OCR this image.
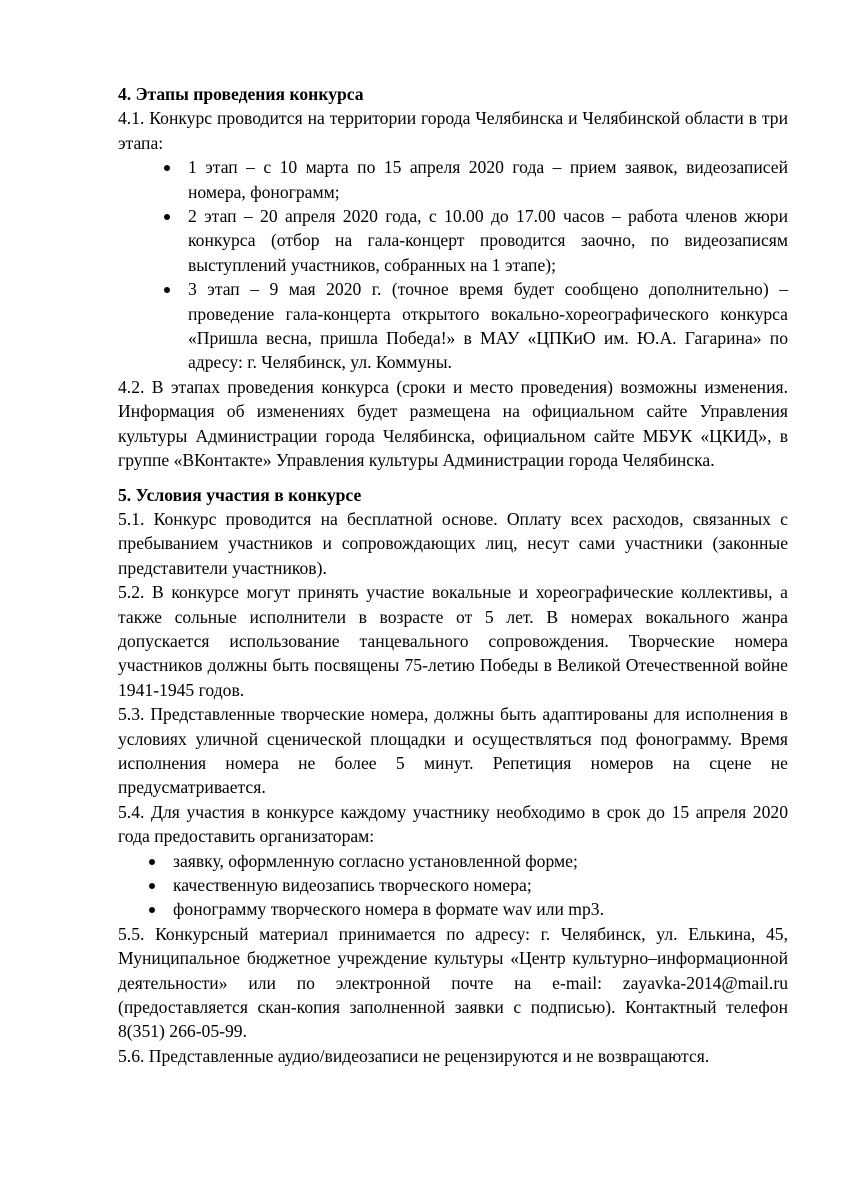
4. Этапы проведения конкурса
4.1. Конкурс проводится на территории города Челябинска и Челябинской области в три этапа:
1 этап – с 10 марта по 15 апреля 2020 года – прием заявок, видеозаписей номера, фонограмм;
2 этап – 20 апреля 2020 года, с 10.00 до 17.00 часов – работа членов жюри конкурса (отбор на гала-концерт проводится заочно, по видеозаписям выступлений участников, собранных на 1 этапе);
3 этап – 9 мая 2020 г. (точное время будет сообщено дополнительно) – проведение гала-концерта открытого вокально-хореографического конкурса «Пришла весна, пришла Победа!» в МАУ «ЦПКиО им. Ю.А. Гагарина» по адресу: г. Челябинск, ул. Коммуны.
4.2. В этапах проведения конкурса (сроки и место проведения) возможны изменения. Информация об изменениях будет размещена на официальном сайте Управления культуры Администрации города Челябинска, официальном сайте МБУК «ЦКИД», в группе «ВКонтакте» Управления культуры Администрации города Челябинска.
5. Условия участия в конкурсе
5.1. Конкурс проводится на бесплатной основе. Оплату всех расходов, связанных с пребыванием участников и сопровождающих лиц, несут сами участники (законные представители участников).
5.2. В конкурсе могут принять участие вокальные и хореографические коллективы, а также сольные исполнители в возрасте от 5 лет. В номерах вокального жанра допускается использование танцевального сопровождения. Творческие номера участников должны быть посвящены 75-летию Победы в Великой Отечественной войне 1941-1945 годов.
5.3. Представленные творческие номера, должны быть адаптированы для исполнения в условиях уличной сценической площадки и осуществляться под фонограмму. Время исполнения номера не более 5 минут. Репетиция номеров на сцене не предусматривается.
5.4. Для участия в конкурсе каждому участнику необходимо в срок до 15 апреля 2020 года предоставить организаторам:
заявку, оформленную согласно установленной форме;
качественную видеозапись творческого номера;
фонограмму творческого номера в формате wav или mp3.
5.5. Конкурсный материал принимается по адресу: г. Челябинск, ул. Елькина, 45, Муниципальное бюджетное учреждение культуры «Центр культурно–информационной деятельности» или по электронной почте на e-mail: zayavka-2014@mail.ru (предоставляется скан-копия заполненной заявки с подписью). Контактный телефон 8(351) 266-05-99.
5.6. Представленные аудио/видеозаписи не рецензируются и не возвращаются.
